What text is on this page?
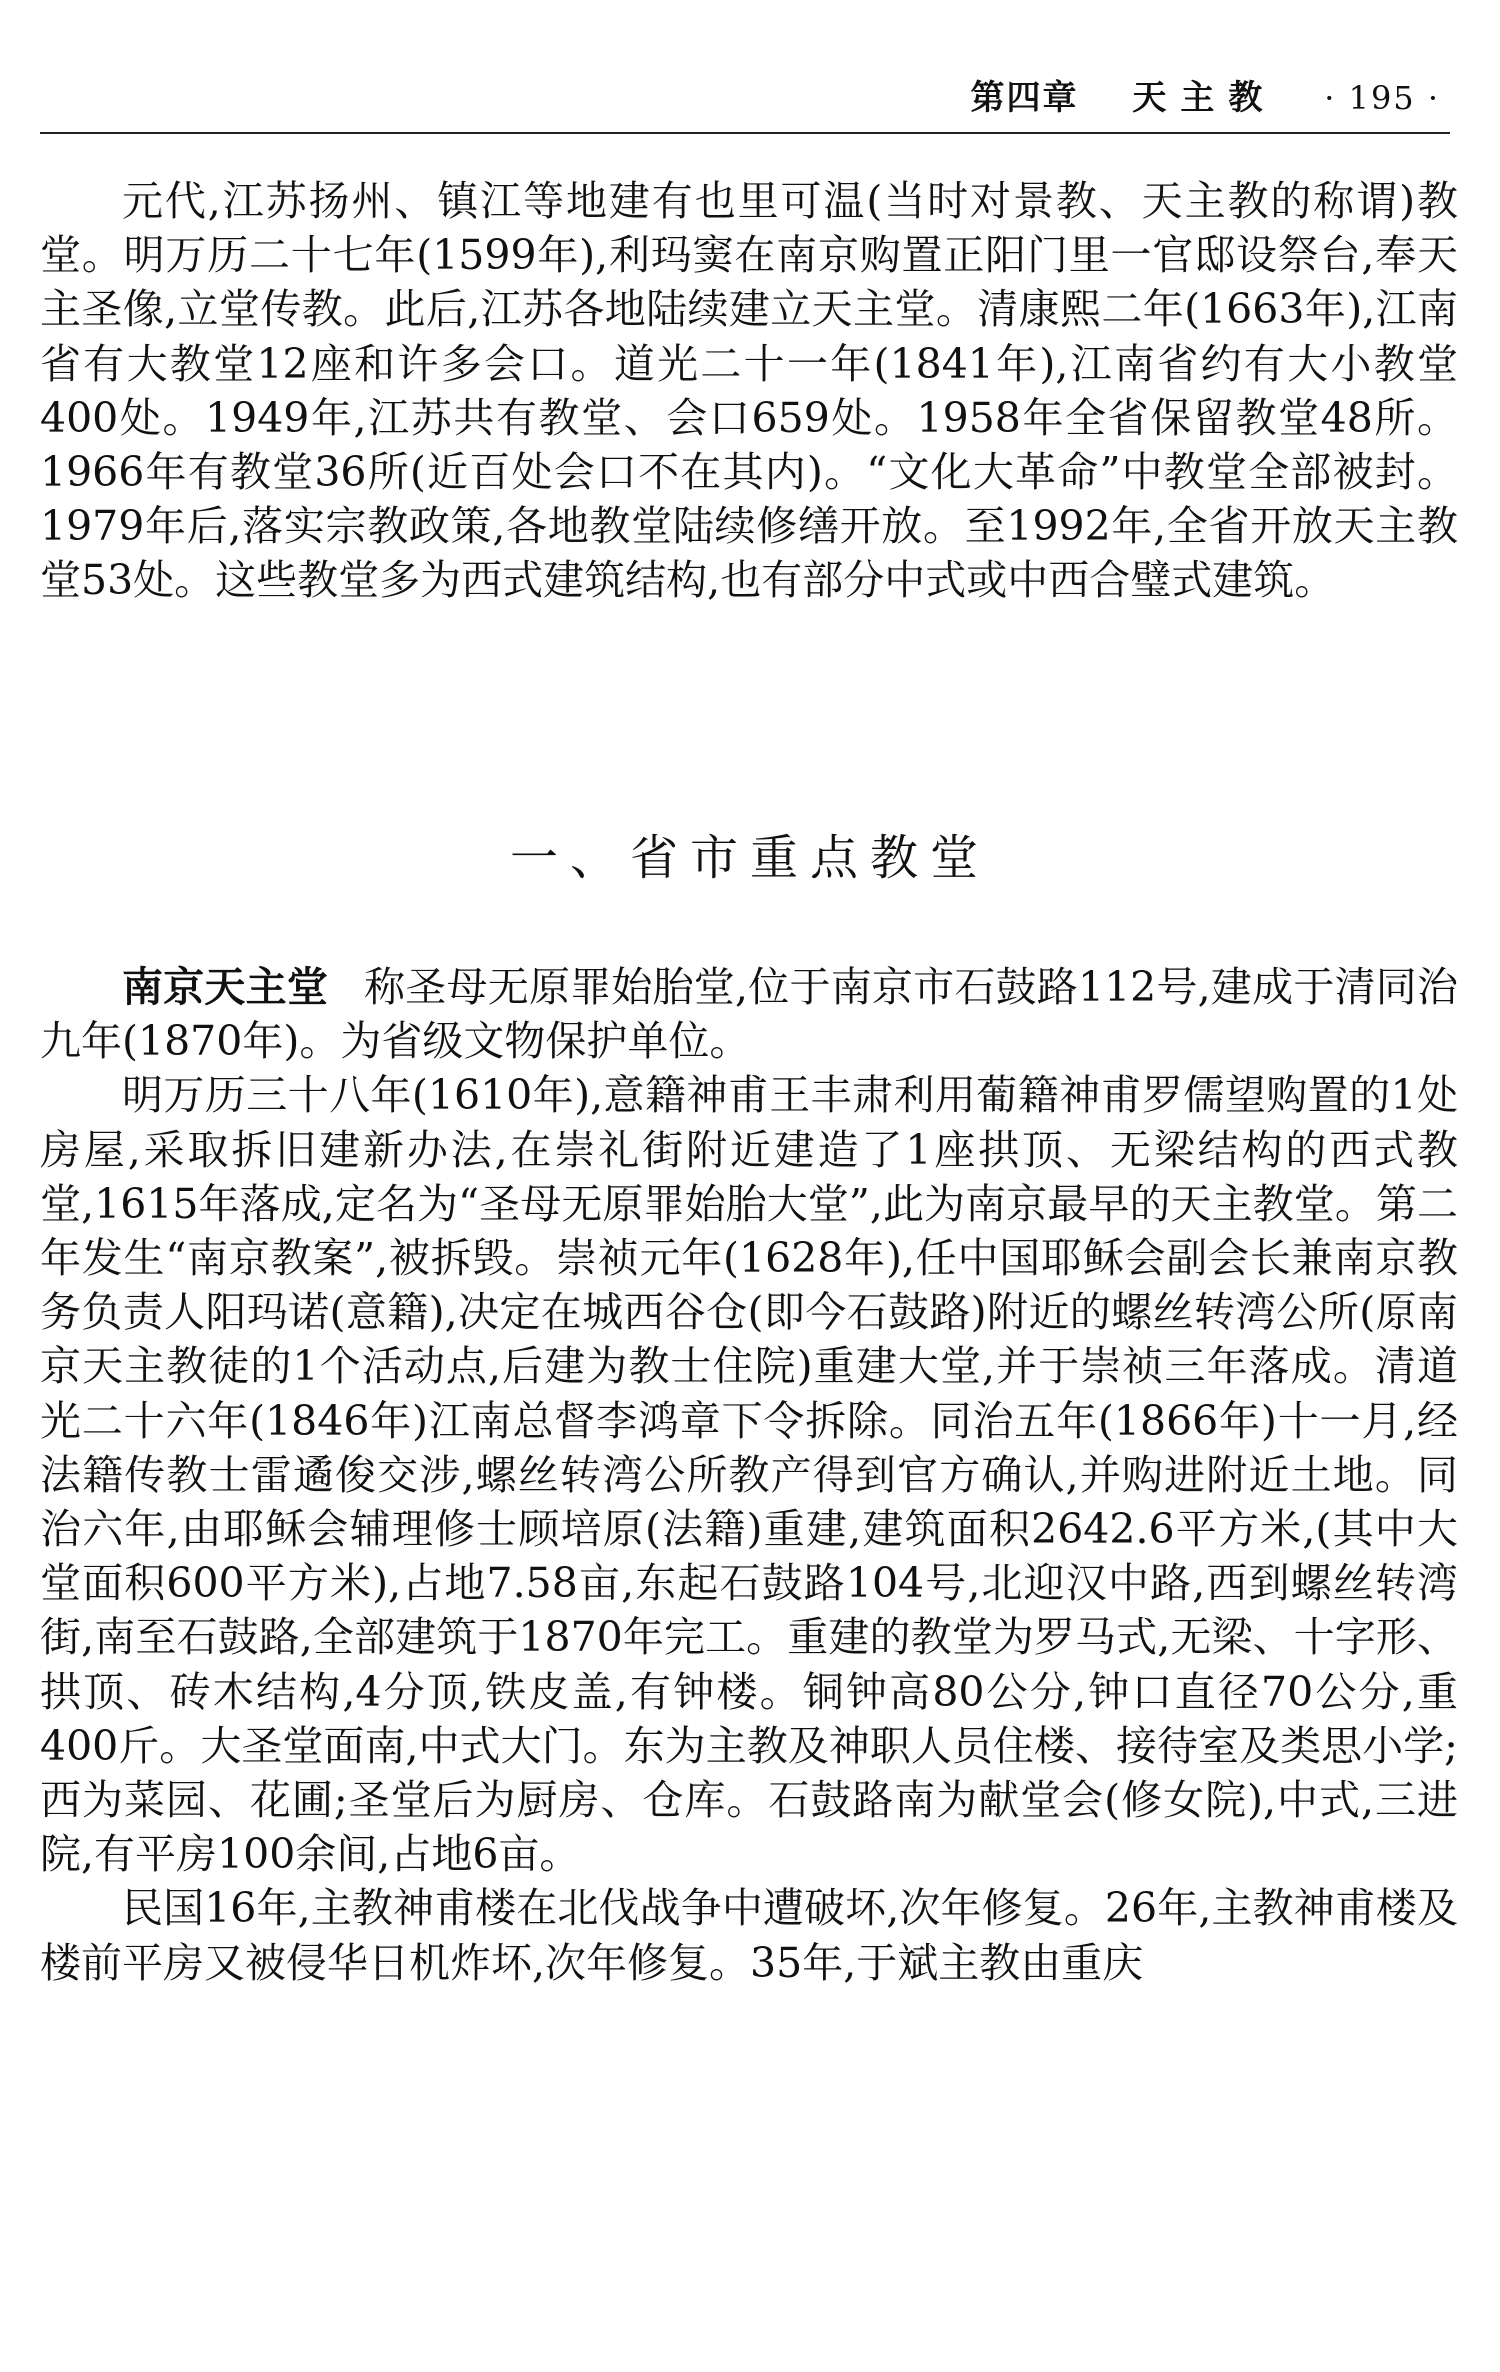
第四章 天主教 · 195 ·

元代,江苏扬州、镇江等地建有也里可温(当时对景教、天主教的称谓)教堂。明万历二十七年(1599年),利玛窦在南京购置正阳门里一官邸设祭台,奉天主圣像,立堂传教。此后,江苏各地陆续建立天主堂。清康熙二年(1663年),江南省有大教堂12座和许多会口。道光二十一年(1841年),江南省约有大小教堂400处。1949年,江苏共有教堂、会口659处。1958年全省保留教堂48所。1966年有教堂36所(近百处会口不在其内)。“文化大革命”中教堂全部被封。1979年后,落实宗教政策,各地教堂陆续修缮开放。至1992年,全省开放天主教堂53处。这些教堂多为西式建筑结构,也有部分中式或中西合璧式建筑。

一、省市重点教堂

南京天主堂 称圣母无原罪始胎堂,位于南京市石鼓路112号,建成于清同治九年(1870年)。为省级文物保护单位。

明万历三十八年(1610年),意籍神甫王丰肃利用葡籍神甫罗儒望购置的1处房屋,采取拆旧建新办法,在崇礼街附近建造了1座拱顶、无梁结构的西式教堂,1615年落成,定名为“圣母无原罪始胎大堂”,此为南京最早的天主教堂。第二年发生“南京教案”,被拆毁。崇祯元年(1628年),任中国耶稣会副会长兼南京教务负责人阳玛诺(意籍),决定在城西谷仓(即今石鼓路)附近的螺丝转湾公所(原南京天主教徒的1个活动点,后建为教士住院)重建大堂,并于崇祯三年落成。清道光二十六年(1846年)江南总督李鸿章下令拆除。同治五年(1866年)十一月,经法籍传教士雷遹俊交涉,螺丝转湾公所教产得到官方确认,并购进附近土地。同治六年,由耶稣会辅理修士顾培原(法籍)重建,建筑面积2642.6平方米,(其中大堂面积600平方米),占地7.58亩,东起石鼓路104号,北迎汉中路,西到螺丝转湾街,南至石鼓路,全部建筑于1870年完工。重建的教堂为罗马式,无梁、十字形、拱顶、砖木结构,4分顶,铁皮盖,有钟楼。铜钟高80公分,钟口直径70公分,重400斤。大圣堂面南,中式大门。东为主教及神职人员住楼、接待室及类思小学;西为菜园、花圃;圣堂后为厨房、仓库。石鼓路南为献堂会(修女院),中式,三进院,有平房100余间,占地6亩。

民国16年,主教神甫楼在北伐战争中遭破坏,次年修复。26年,主教神甫楼及楼前平房又被侵华日机炸坏,次年修复。35年,于斌主教由重庆
